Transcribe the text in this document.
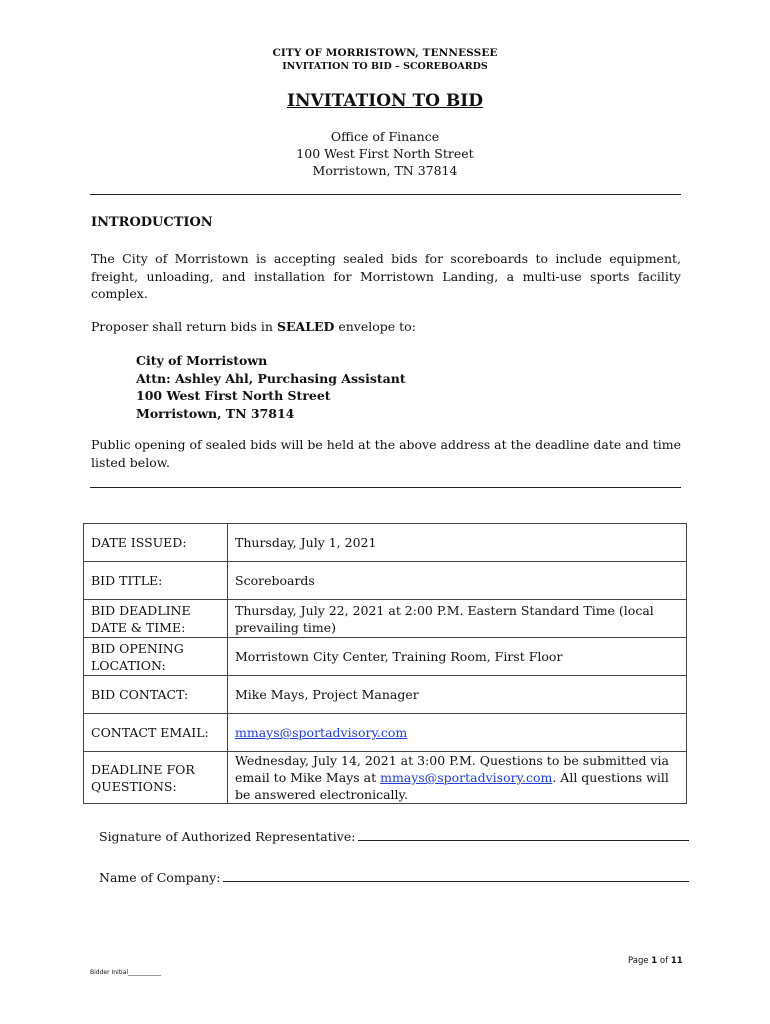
CITY OF MORRISTOWN, TENNESSEE
INVITATION TO BID – SCOREBOARDS
INVITATION TO BID
Office of Finance
100 West First North Street
Morristown, TN 37814
INTRODUCTION
The City of Morristown is accepting sealed bids for scoreboards to include equipment, freight, unloading, and installation for Morristown Landing, a multi-use sports facility complex.
Proposer shall return bids in SEALED envelope to:
City of Morristown
Attn: Ashley Ahl, Purchasing Assistant
100 West First North Street
Morristown, TN 37814
Public opening of sealed bids will be held at the above address at the deadline date and time listed below.
DATE ISSUED:	Thursday, July 1, 2021
BID TITLE:	Scoreboards
BID DEADLINE DATE & TIME:	Thursday, July 22, 2021 at 2:00 P.M. Eastern Standard Time (local prevailing time)
BID OPENING LOCATION:	Morristown City Center, Training Room, First Floor
BID CONTACT:	Mike Mays, Project Manager
CONTACT EMAIL:	mmays@sportadvisory.com
DEADLINE FOR QUESTIONS:	Wednesday, July 14, 2021 at 3:00 P.M. Questions to be submitted via email to Mike Mays at mmays@sportadvisory.com. All questions will be answered electronically.
Signature of Authorized Representative:
Name of Company:
Page 1 of 11
Bidder Initial___________
